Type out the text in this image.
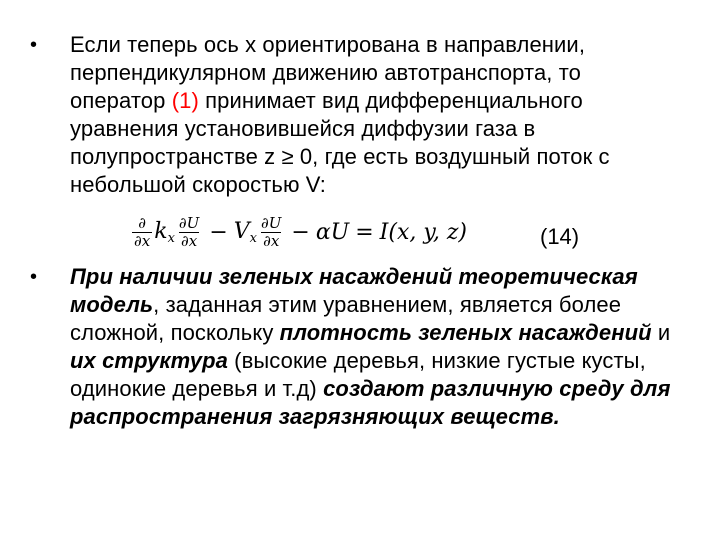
• Если теперь ось х ориентирована в направлении, перпендикулярном движению автотранспорта, то оператор (1) принимает вид дифференциального уравнения установившейся диффузии газа в полупространстве z ≥ 0, где есть воздушный поток с небольшой скоростью V:
$\frac{\partial}{\partial x} k_x \frac{\partial U}{\partial x} - V_x \frac{\partial U}{\partial x} - \alpha U = I(x$, y, z)	(14)
• При наличии зеленых насаждений теоретическая модель, заданная этим уравнением, является более сложной, поскольку плотность зеленых насаждений и их структура (высокие деревья, низкие густые кусты, одинокие деревья и т.д) создают различную среду для распространения загрязняющих веществ.
